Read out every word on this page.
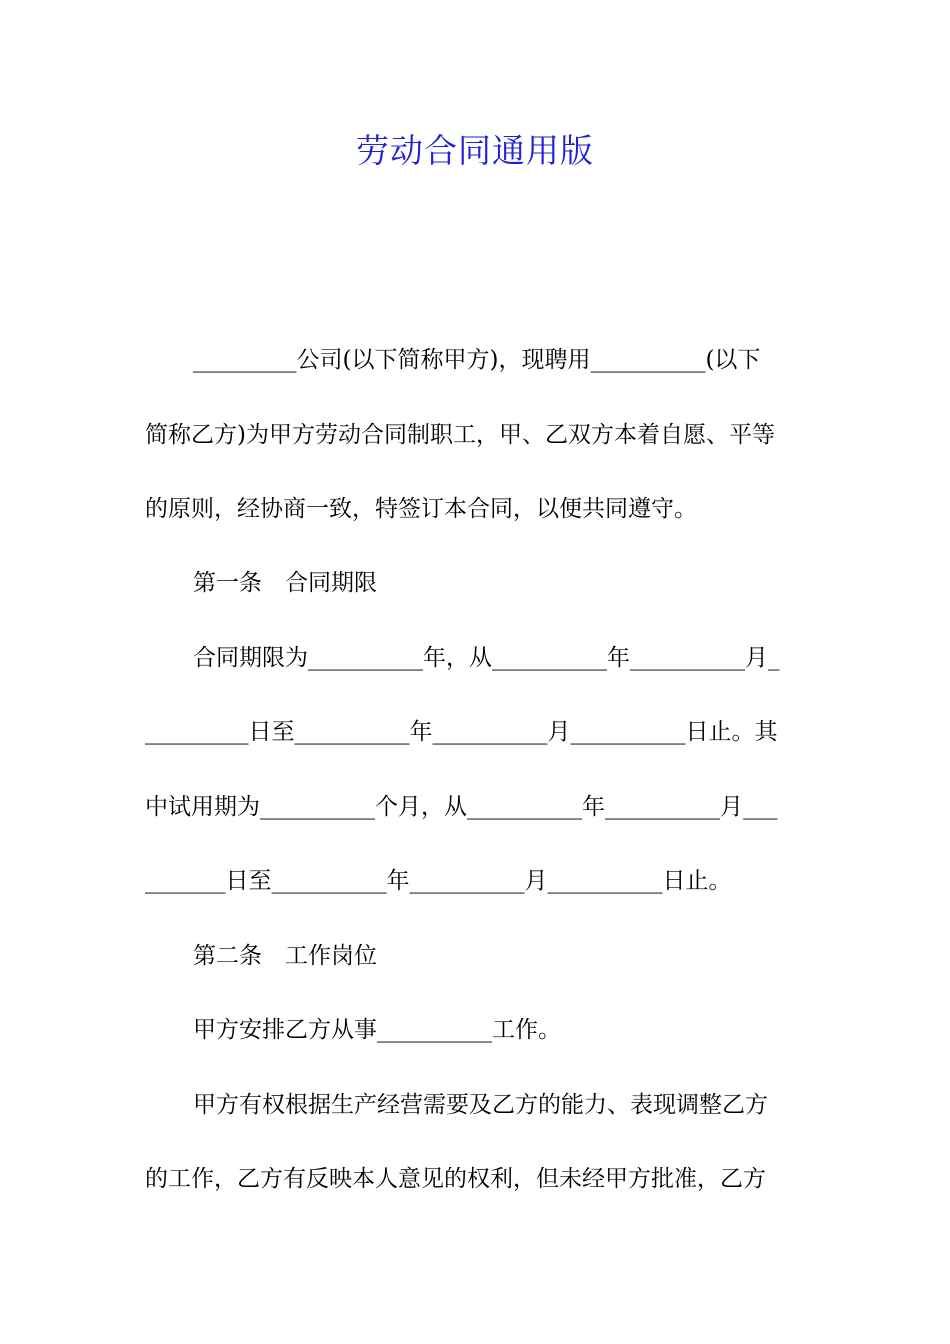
劳动合同通用版
_________公司(以下简称甲方)，现聘用__________(以下
简称乙方)为甲方劳动合同制职工，甲、乙双方本着自愿、平等
的原则，经协商一致，特签订本合同，以便共同遵守。
第一条　合同期限
合同期限为__________年，从__________年__________月_
_________日至__________年__________月__________日止。其
中试用期为__________个月，从__________年__________月___
_______日至__________年__________月__________日止。
第二条　工作岗位
甲方安排乙方从事__________工作。
甲方有权根据生产经营需要及乙方的能力、表现调整乙方
的工作，乙方有反映本人意见的权利，但未经甲方批准，乙方
